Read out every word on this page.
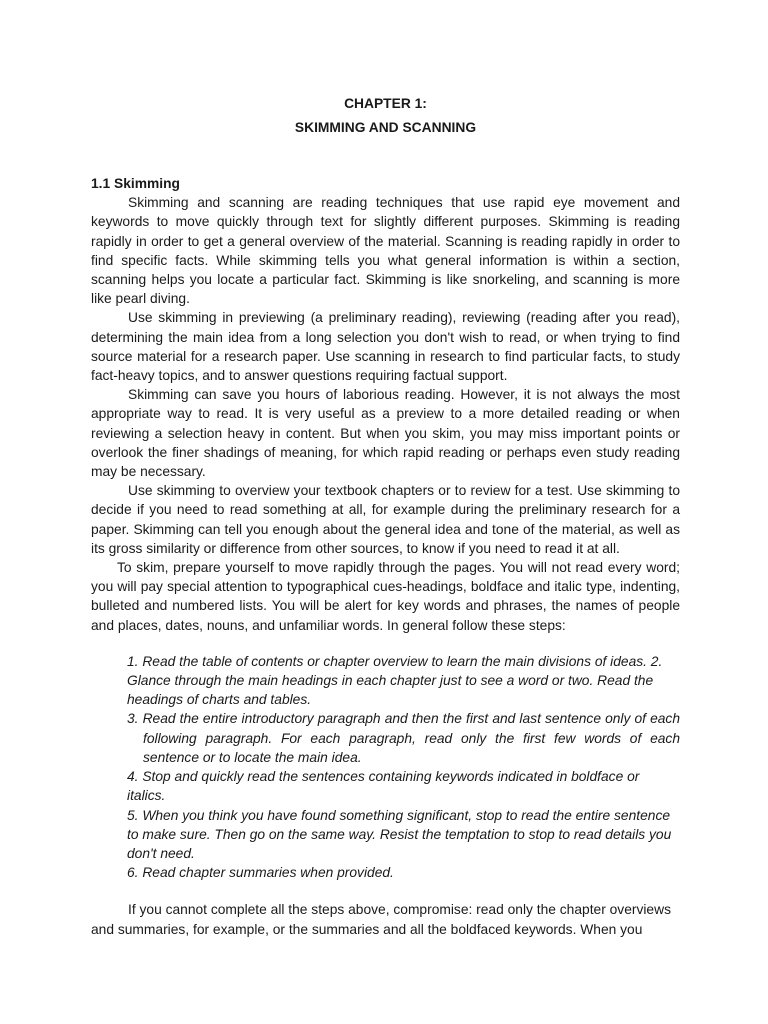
CHAPTER 1:

SKIMMING AND SCANNING

1.1 Skimming

Skimming and scanning are reading techniques that use rapid eye movement and keywords to move quickly through text for slightly different purposes. Skimming is reading rapidly in order to get a general overview of the material. Scanning is reading rapidly in order to find specific facts. While skimming tells you what general information is within a section, scanning helps you locate a particular fact. Skimming is like snorkeling, and scanning is more like pearl diving.

Use skimming in previewing (a preliminary reading), reviewing (reading after you read), determining the main idea from a long selection you don't wish to read, or when trying to find source material for a research paper. Use scanning in research to find particular facts, to study fact-heavy topics, and to answer questions requiring factual support.

Skimming can save you hours of laborious reading. However, it is not always the most appropriate way to read. It is very useful as a preview to a more detailed reading or when reviewing a selection heavy in content. But when you skim, you may miss important points or overlook the finer shadings of meaning, for which rapid reading or perhaps even study reading may be necessary.

Use skimming to overview your textbook chapters or to review for a test. Use skimming to decide if you need to read something at all, for example during the preliminary research for a paper. Skimming can tell you enough about the general idea and tone of the material, as well as its gross similarity or difference from other sources, to know if you need to read it at all.

To skim, prepare yourself to move rapidly through the pages. You will not read every word; you will pay special attention to typographical cues-headings, boldface and italic type, indenting, bulleted and numbered lists. You will be alert for key words and phrases, the names of people and places, dates, nouns, and unfamiliar words. In general follow these steps:

1. Read the table of contents or chapter overview to learn the main divisions of ideas. 2. Glance through the main headings in each chapter just to see a word or two. Read the headings of charts and tables.
3. Read the entire introductory paragraph and then the first and last sentence only of each following paragraph. For each paragraph, read only the first few words of each sentence or to locate the main idea.
4. Stop and quickly read the sentences containing keywords indicated in boldface or italics.
5. When you think you have found something significant, stop to read the entire sentence to make sure. Then go on the same way. Resist the temptation to stop to read details you don't need.
6. Read chapter summaries when provided.

If you cannot complete all the steps above, compromise: read only the chapter overviews and summaries, for example, or the summaries and all the boldfaced keywords. When you
